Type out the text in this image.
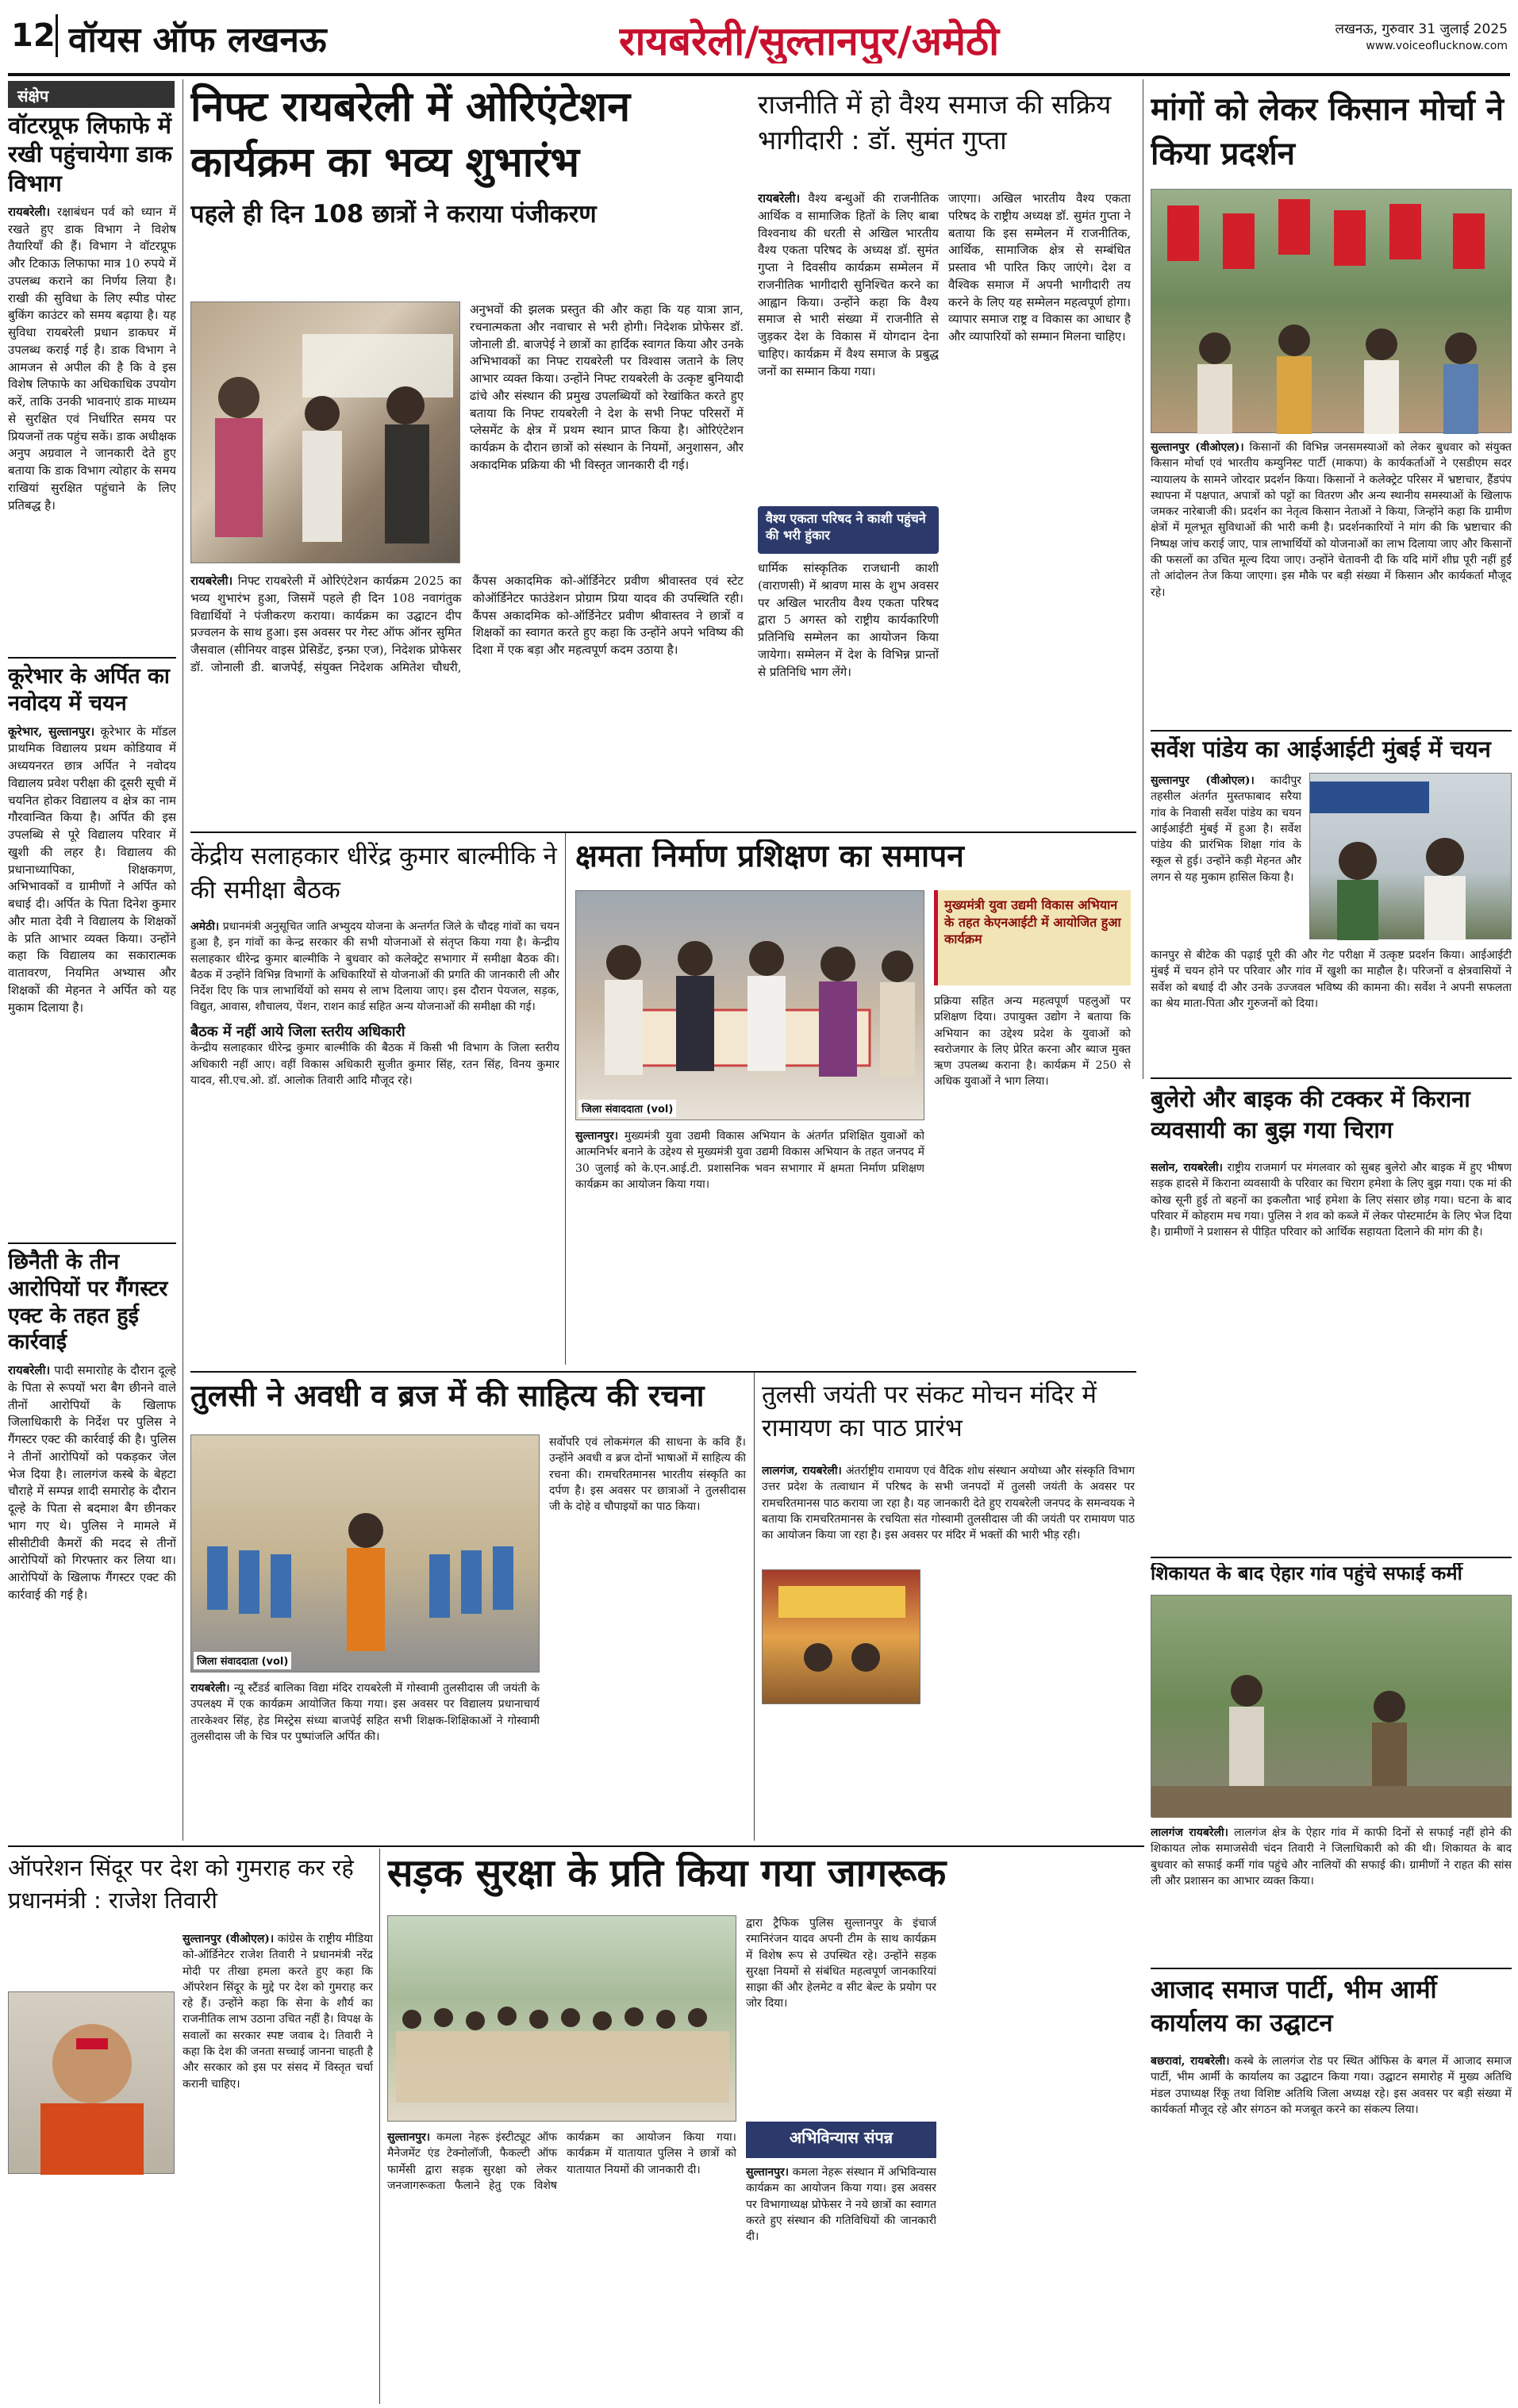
12 वॉयस ऑफ लखनऊ	रायबरेली/सुल्तानपुर/अमेठी	लखनऊ, गुरुवार 31 जुलाई 2025
www.voiceoflucknow.com
संक्षेप
वॉटरप्रूफ लिफाफे में रखी पहुंचायेगा डाक विभाग
रायबरेली। रक्षाबंधन पर्व को ध्यान में रखते हुए डाक विभाग ने विशेष तैयारियाँ की हैं। विभाग ने वॉटरप्रूफ और टिकाऊ लिफाफा मात्र 10 रुपये में उपलब्ध कराने का निर्णय लिया है। राखी की सुविधा के लिए स्पीड पोस्ट बुकिंग काउंटर को समय बढ़ाया है। यह सुविधा रायबरेली प्रधान डाकघर में उपलब्ध कराई गई है। डाक विभाग ने आमजन से अपील की है कि वे इस विशेष लिफाफे का अधिकाधिक उपयोग करें, ताकि उनकी भावनाएं डाक माध्यम से सुरक्षित एवं निर्धारित समय पर प्रियजनों तक पहुंच सकें। डाक अधीक्षक अनुप अग्रवाल ने जानकारी देते हुए बताया कि डाक विभाग त्योहार के समय राखियां सुरक्षित पहुंचाने के लिए प्रतिबद्ध है।
कूरेभार के अर्पित का नवोदय में चयन
कूरेभार, सुल्तानपुर। कूरेभार के मॉडल प्राथमिक विद्यालय प्रथम कोडियाव में अध्ययनरत छात्र अर्पित ने नवोदय विद्यालय प्रवेश परीक्षा की दूसरी सूची में चयनित होकर विद्यालय व क्षेत्र का नाम गौरवान्वित किया है। अर्पित की इस उपलब्धि से पूरे विद्यालय परिवार में खुशी की लहर है। विद्यालय की प्रधानाध्यापिका, शिक्षकगण, अभिभावकों व ग्रामीणों ने अर्पित को बधाई दी। अर्पित के पिता दिनेश कुमार और माता देवी ने विद्यालय के शिक्षकों के प्रति आभार व्यक्त किया। उन्होंने कहा कि विद्यालय का सकारात्मक वातावरण, नियमित अभ्यास और शिक्षकों की मेहनत ने अर्पित को यह मुकाम दिलाया है।
छिनैती के तीन आरोपियों पर गैंगस्टर एक्ट के तहत हुई कार्रवाई
रायबरेली। पादी समाराोह के दौरान दूल्हे के पिता से रूपयों भरा बैग छीनने वाले तीनों आरोपियों के खिलाफ जिलाधिकारी के निर्देश पर पुलिस ने गैंगस्टर एक्ट की कार्रवाई की है। पुलिस ने तीनों आरोपियों को पकड़कर जेल भेज दिया है। लालगंज कस्बे के बेहटा चौराहे में सम्पन्न शादी समारोह के दौरान दूल्हे के पिता से बदमाश बैग छीनकर भाग गए थे। पुलिस ने मामले में सीसीटीवी कैमरों की मदद से तीनों आरोपियों को गिरफ्तार कर लिया था। आरोपियों के खिलाफ गैंगस्टर एक्ट की कार्रवाई की गई है।
निफ्ट रायबरेली में ओरिएंटेशन कार्यक्रम का भव्य शुभारंभ
पहले ही दिन 108 छात्रों ने कराया पंजीकरण
अनुभवों की झलक प्रस्तुत की और कहा कि यह यात्रा ज्ञान, रचनात्मकता और नवाचार से भरी होगी। निदेशक प्रोफेसर डॉ. जोनाली डी. बाजपेई ने छात्रों का हार्दिक स्वागत किया और उनके अभिभावकों का निफ्ट रायबरेली पर विश्वास जताने के लिए आभार व्यक्त किया। उन्होंने निफ्ट रायबरेली के उत्कृष्ट बुनियादी ढांचे और संस्थान की प्रमुख उपलब्धियों को रेखांकित करते हुए बताया कि निफ्ट रायबरेली ने देश के सभी निफ्ट परिसरों में प्लेसमेंट के क्षेत्र में प्रथम स्थान प्राप्त किया है। ओरिएंटेशन कार्यक्रम के दौरान छात्रों को संस्थान के नियमों, अनुशासन, और अकादमिक प्रक्रिया की भी विस्तृत जानकारी दी गई।
रायबरेली। निफ्ट रायबरेली में ओरिएंटेशन कार्यक्रम 2025 का भव्य शुभारंभ हुआ, जिसमें पहले ही दिन 108 नवागंतुक विद्यार्थियों ने पंजीकरण कराया। कार्यक्रम का उद्घाटन दीप प्रज्वलन के साथ हुआ। इस अवसर पर गेस्ट ऑफ ऑनर सुमित जैसवाल (सीनियर वाइस प्रेसिडेंट, इन्फ्रा एज), निदेशक प्रोफेसर डॉ. जोनाली डी. बाजपेई, संयुक्त निदेशक अमितेश चौधरी, कैंपस अकादमिक को-ऑर्डिनेटर प्रवीण श्रीवास्तव एवं स्टेट कोऑर्डिनेटर फाउंडेशन प्रोग्राम प्रिया यादव की उपस्थिति रही। कैंपस अकादमिक को-ऑर्डिनेटर प्रवीण श्रीवास्तव ने छात्रों व शिक्षकों का स्वागत करते हुए कहा कि उन्होंने अपने भविष्य की दिशा में एक बड़ा और महत्वपूर्ण कदम उठाया है।
राजनीति में हो वैश्य समाज की सक्रिय भागीदारी : डॉ. सुमंत गुप्ता
रायबरेली। वैश्य बन्धुओं की राजनीतिक आर्थिक व सामाजिक हितों के लिए बाबा विश्वनाथ की धरती से अखिल भारतीय वैश्य एकता परिषद के अध्यक्ष डॉ. सुमंत गुप्ता ने दिवसीय कार्यक्रम सम्मेलन में राजनीतिक भागीदारी सुनिश्चित करने का आह्वान किया। उन्होंने कहा कि वैश्य समाज से भारी संख्या में राजनीति से जुड़कर देश के विकास में योगदान देना चाहिए। कार्यक्रम में वैश्य समाज के प्रबुद्ध जनों का सम्मान किया गया।
वैश्य एकता परिषद ने काशी पहुंचने की भरी हुंकार
धार्मिक सांस्कृतिक राजधानी काशी (वाराणसी) में श्रावण मास के शुभ अवसर पर अखिल भारतीय वैश्य एकता परिषद द्वारा 5 अगस्त को राष्ट्रीय कार्यकारिणी प्रतिनिधि सम्मेलन का आयोजन किया जायेगा। सम्मेलन में देश के विभिन्न प्रान्तों से प्रतिनिधि भाग लेंगे।
जाएगा। अखिल भारतीय वैश्य एकता परिषद के राष्ट्रीय अध्यक्ष डॉ. सुमंत गुप्ता ने बताया कि इस सम्मेलन में राजनीतिक, आर्थिक, सामाजिक क्षेत्र से सम्बंधित प्रस्ताव भी पारित किए जाएंगे। देश व वैश्विक समाज में अपनी भागीदारी तय करने के लिए यह सम्मेलन महत्वपूर्ण होगा। व्यापार समाज राष्ट्र व विकास का आधार है और व्यापारियों को सम्मान मिलना चाहिए।
मांगों को लेकर किसान मोर्चा ने किया प्रदर्शन
सुल्तानपुर (वीओएल)। किसानों की विभिन्न जनसमस्याओं को लेकर बुधवार को संयुक्त किसान मोर्चा एवं भारतीय कम्युनिस्ट पार्टी (माकपा) के कार्यकर्ताओं ने एसडीएम सदर न्यायालय के सामने जोरदार प्रदर्शन किया। किसानों ने कलेक्ट्रेट परिसर में भ्रष्टाचार, हैंडपंप स्थापना में पक्षपात, अपात्रों को पट्टों का वितरण और अन्य स्थानीय समस्याओं के खिलाफ जमकर नारेबाजी की। प्रदर्शन का नेतृत्व किसान नेताओं ने किया, जिन्होंने कहा कि ग्रामीण क्षेत्रों में मूलभूत सुविधाओं की भारी कमी है। प्रदर्शनकारियों ने मांग की कि भ्रष्टाचार की निष्पक्ष जांच कराई जाए, पात्र लाभार्थियों को योजनाओं का लाभ दिलाया जाए और किसानों की फसलों का उचित मूल्य दिया जाए। उन्होंने चेतावनी दी कि यदि मांगें शीघ्र पूरी नहीं हुईं तो आंदोलन तेज किया जाएगा। इस मौके पर बड़ी संख्या में किसान और कार्यकर्ता मौजूद रहे।
सर्वेश पांडेय का आईआईटी मुंबई में चयन
सुल्तानपुर (वीओएल)। कादीपुर तहसील अंतर्गत मुस्तफाबाद सरैया गांव के निवासी सर्वेश पांडेय का चयन आईआईटी मुंबई में हुआ है। सर्वेश पांडेय की प्रारंभिक शिक्षा गांव के स्कूल से हुई। उन्होंने कड़ी मेहनत और लगन से यह मुकाम हासिल किया है।
कानपुर से बीटेक की पढ़ाई पूरी की और गेट परीक्षा में उत्कृष्ट प्रदर्शन किया। आईआईटी मुंबई में चयन होने पर परिवार और गांव में खुशी का माहौल है। परिजनों व क्षेत्रवासियों ने सर्वेश को बधाई दी और उनके उज्जवल भविष्य की कामना की। सर्वेश ने अपनी सफलता का श्रेय माता-पिता और गुरुजनों को दिया।
केंद्रीय सलाहकार धीरेंद्र कुमार बाल्मीकि ने की समीक्षा बैठक
अमेठी। प्रधानमंत्री अनुसूचित जाति अभ्युदय योजना के अन्तर्गत जिले के चौदह गांवों का चयन हुआ है, इन गांवों का केन्द्र सरकार की सभी योजनाओं से संतृप्त किया गया है। केन्द्रीय सलाहकार धीरेन्द्र कुमार बाल्मीकि ने बुधवार को कलेक्ट्रेट सभागार में समीक्षा बैठक की। बैठक में उन्होंने विभिन्न विभागों के अधिकारियों से योजनाओं की प्रगति की जानकारी ली और निर्देश दिए कि पात्र लाभार्थियों को समय से लाभ दिलाया जाए। इस दौरान पेयजल, सड़क, विद्युत, आवास, शौचालय, पेंशन, राशन कार्ड सहित अन्य योजनाओं की समीक्षा की गई।
बैठक में नहीं आये जिला स्तरीय अधिकारी
केन्द्रीय सलाहकार धीरेन्द्र कुमार बाल्मीकि की बैठक में किसी भी विभाग के जिला स्तरीय अधिकारी नहीं आए। वहीं विकास अधिकारी सुजीत कुमार सिंह, रतन सिंह, विनय कुमार यादव, सी.एच.ओ. डॉ. आलोक तिवारी आदि मौजूद रहे।
क्षमता निर्माण प्रशिक्षण का समापन
जिला संवाददाता (vol)
मुख्यमंत्री युवा उद्यमी विकास अभियान के तहत केएनआईटी में आयोजित हुआ कार्यक्रम
प्रक्रिया सहित अन्य महत्वपूर्ण पहलुओं पर प्रशिक्षण दिया। उपायुक्त उद्योग ने बताया कि अभियान का उद्देश्य प्रदेश के युवाओं को स्वरोजगार के लिए प्रेरित करना और ब्याज मुक्त ऋण उपलब्ध कराना है। कार्यक्रम में 250 से अधिक युवाओं ने भाग लिया।
सुल्तानपुर। मुख्यमंत्री युवा उद्यमी विकास अभियान के अंतर्गत प्रशिक्षित युवाओं को आत्मनिर्भर बनाने के उद्देश्य से मुख्यमंत्री युवा उद्यमी विकास अभियान के तहत जनपद में 30 जुलाई को के.एन.आई.टी. प्रशासनिक भवन सभागार में क्षमता निर्माण प्रशिक्षण कार्यक्रम का आयोजन किया गया।
तुलसी ने अवधी व ब्रज में की साहित्य की रचना
जिला संवाददाता (vol)
सर्वोपरि एवं लोकमंगल की साधना के कवि हैं। उन्होंने अवधी व ब्रज दोनों भाषाओं में साहित्य की रचना की। रामचरितमानस भारतीय संस्कृति का दर्पण है। इस अवसर पर छात्राओं ने तुलसीदास जी के दोहे व चौपाइयों का पाठ किया।
रायबरेली। न्यू स्टैंडर्ड बालिका विद्या मंदिर रायबरेली में गोस्वामी तुलसीदास जी जयंती के उपलक्ष्य में एक कार्यक्रम आयोजित किया गया। इस अवसर पर विद्यालय प्रधानाचार्य तारकेश्वर सिंह, हेड मिस्ट्रेस संध्या बाजपेई सहित सभी शिक्षक-शिक्षिकाओं ने गोस्वामी तुलसीदास जी के चित्र पर पुष्पांजलि अर्पित की।
तुलसी जयंती पर संकट मोचन मंदिर में रामायण का पाठ प्रारंभ
लालगंज, रायबरेली। अंतर्राष्ट्रीय रामायण एवं वैदिक शोध संस्थान अयोध्या और संस्कृति विभाग उत्तर प्रदेश के तत्वाधान में परिषद के सभी जनपदों में तुलसी जयंती के अवसर पर रामचरितमानस पाठ कराया जा रहा है। यह जानकारी देते हुए रायबरेली जनपद के समन्वयक ने बताया कि रामचरितमानस के रचयिता संत गोस्वामी तुलसीदास जी की जयंती पर रामायण पाठ का आयोजन किया जा रहा है। इस अवसर पर मंदिर में भक्तों की भारी भीड़ रही।
बुलेरो और बाइक की टक्कर में किराना व्यवसायी का बुझ गया चिराग
सलोन, रायबरेली। राष्ट्रीय राजमार्ग पर मंगलवार को सुबह बुलेरो और बाइक में हुए भीषण सड़क हादसे में किराना व्यवसायी के परिवार का चिराग हमेशा के लिए बुझ गया। एक मां की कोख सूनी हुई तो बहनों का इकलौता भाई हमेशा के लिए संसार छोड़ गया। घटना के बाद परिवार में कोहराम मच गया। पुलिस ने शव को कब्जे में लेकर पोस्टमार्टम के लिए भेज दिया है। ग्रामीणों ने प्रशासन से पीड़ित परिवार को आर्थिक सहायता दिलाने की मांग की है।
शिकायत के बाद ऐहार गांव पहुंचे सफाई कर्मी
लालगंज रायबरेली। लालगंज क्षेत्र के ऐहार गांव में काफी दिनों से सफाई नहीं होने की शिकायत लोक समाजसेवी चंदन तिवारी ने जिलाधिकारी को की थी। शिकायत के बाद बुधवार को सफाई कर्मी गांव पहुंचे और नालियों की सफाई की। ग्रामीणों ने राहत की सांस ली और प्रशासन का आभार व्यक्त किया।
ऑपरेशन सिंदूर पर देश को गुमराह कर रहे प्रधानमंत्री : राजेश तिवारी
सुल्तानपुर (वीओएल)। कांग्रेस के राष्ट्रीय मीडिया को-ऑर्डिनेटर राजेश तिवारी ने प्रधानमंत्री नरेंद्र मोदी पर तीखा हमला करते हुए कहा कि ऑपरेशन सिंदूर के मुद्दे पर देश को गुमराह कर रहे हैं। उन्होंने कहा कि सेना के शौर्य का राजनीतिक लाभ उठाना उचित नहीं है। विपक्ष के सवालों का सरकार स्पष्ट जवाब दे। तिवारी ने कहा कि देश की जनता सच्चाई जानना चाहती है और सरकार को इस पर संसद में विस्तृत चर्चा करानी चाहिए।
सड़क सुरक्षा के प्रति किया गया जागरूक
सुल्तानपुर। कमला नेहरू इंस्टीट्यूट ऑफ मैनेजमेंट एंड टेक्नोलॉजी, फैकल्टी ऑफ फार्मेसी द्वारा सड़क सुरक्षा को लेकर जनजागरूकता फैलाने हेतु एक विशेष कार्यक्रम का आयोजन किया गया। कार्यक्रम में यातायात पुलिस ने छात्रों को यातायात नियमों की जानकारी दी।
द्वारा ट्रैफिक पुलिस सुल्तानपुर के इंचार्ज रमानिरंजन यादव अपनी टीम के साथ कार्यक्रम में विशेष रूप से उपस्थित रहे। उन्होंने सड़क सुरक्षा नियमों से संबंधित महत्वपूर्ण जानकारियां साझा कीं और हेलमेट व सीट बेल्ट के प्रयोग पर जोर दिया।
अभिविन्यास संपन्न
सुल्तानपुर। कमला नेहरू संस्थान में अभिविन्यास कार्यक्रम का आयोजन किया गया। इस अवसर पर विभागाध्यक्ष प्रोफेसर ने नये छात्रों का स्वागत करते हुए संस्थान की गतिविधियों की जानकारी दी।
आजाद समाज पार्टी, भीम आर्मी कार्यालय का उद्घाटन
बछरावां, रायबरेली। कस्बे के लालगंज रोड पर स्थित ऑफिस के बगल में आजाद समाज पार्टी, भीम आर्मी के कार्यालय का उद्घाटन किया गया। उद्घाटन समारोह में मुख्य अतिथि मंडल उपाध्यक्ष रिंकू तथा विशिष्ट अतिथि जिला अध्यक्ष रहे। इस अवसर पर बड़ी संख्या में कार्यकर्ता मौजूद रहे और संगठन को मजबूत करने का संकल्प लिया।
